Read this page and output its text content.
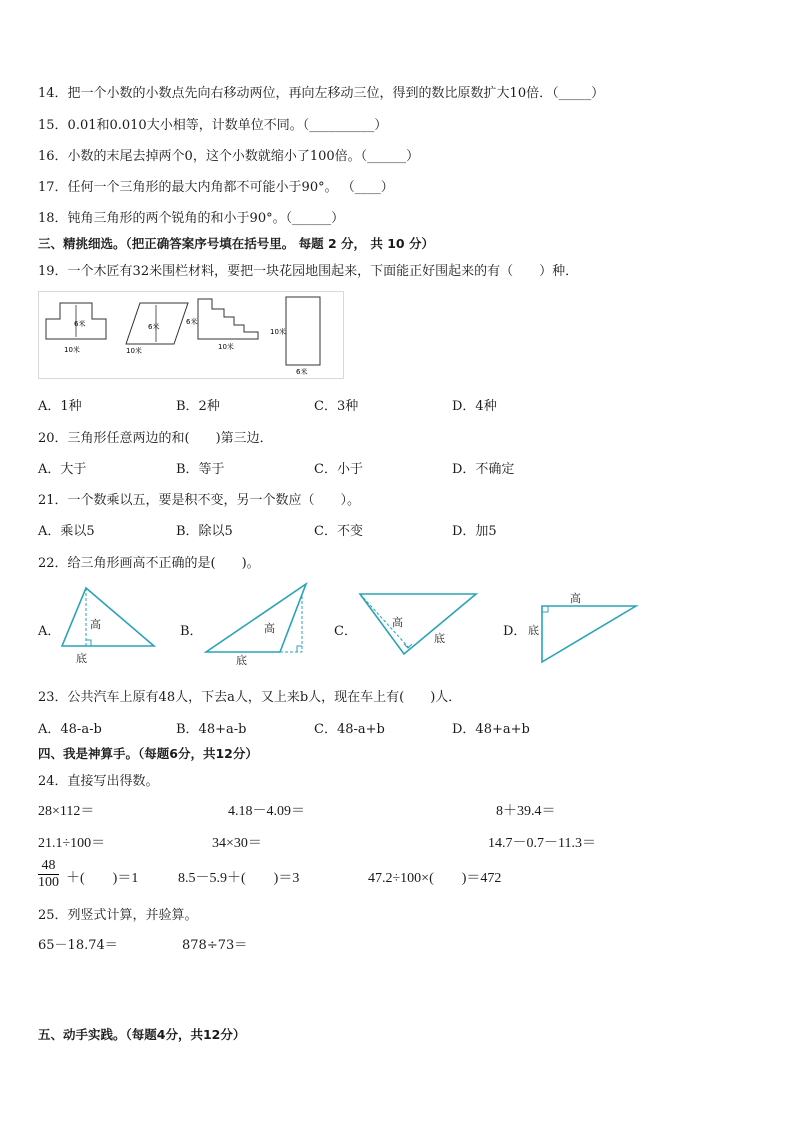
14．把一个小数的小数点先向右移动两位，再向左移动三位，得到的数比原数扩大10倍．（_____）
15．0.01和0.010大小相等，计数单位不同。（__________）
16．小数的末尾去掉两个0，这个小数就缩小了100倍。（______）
17．任何一个三角形的最大内角都不可能小于90°。 （____）
18．钝角三角形的两个锐角的和小于90°。（______）
三、精挑细选。（把正确答案序号填在括号里。 每题 2 分， 共 10 分）
19．一个木匠有32米围栏材料，要把一块花园地围起来，下面能正好围起来的有（　　）种．
6米
10米
6米
10米
6米
10米
10米
6米
A．1种	B．2种	C．3种	D．4种
20．三角形任意两边的和(　　)第三边．
A．大于	B．等于	C．小于	D．不确定
21．一个数乘以五，要是积不变，另一个数应（　　）。
A．乘以5	B．除以5	C．不变	D．加5
22．给三角形画高不正确的是(　　)。
A．	高
底
B．	高
底
C．
高
底	D．
高
底
23．公共汽车上原有48人，下去a人，又上来b人，现在车上有(　　)人．
A．48-a-b	B．48+a-b	C．48-a+b	D．48+a+b
四、我是神算手。（每题6分，共12分）
24．直接写出得数。
28×112＝	4.18－4.09＝	8＋39.4＝
21.1÷100＝	34×30＝	14.7－0.7－11.3＝
$\frac{48}{100}$ ＋(　　)＝1	8.5－5.9＋(　　)＝3	47.2÷100×(　　)＝472
25．列竖式计算，并验算。
65－18.74＝	878÷73＝
五、动手实践。（每题4分，共12分）
